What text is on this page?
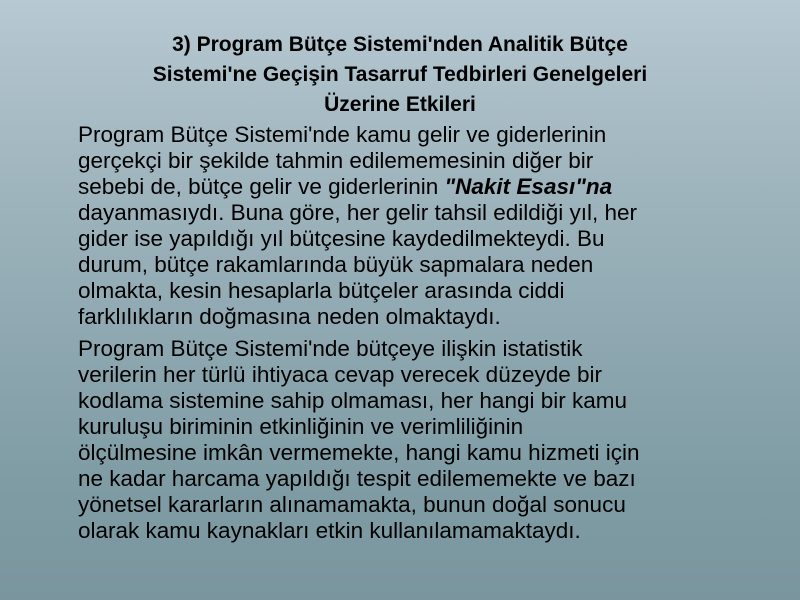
3) Program Bütçe Sistemi'nden Analitik Bütçe
Sistemi'ne Geçişin Tasarruf Tedbirleri Genelgeleri
Üzerine Etkileri

Program Bütçe Sistemi'nde kamu gelir ve giderlerinin
gerçekçi bir şekilde tahmin edilememesinin diğer bir
sebebi de, bütçe gelir ve giderlerinin "Nakit Esası"na
dayanmasıydı. Buna göre, her gelir tahsil edildiği yıl, her
gider ise yapıldığı yıl bütçesine kaydedilmekteydi. Bu
durum, bütçe rakamlarında büyük sapmalara neden
olmakta, kesin hesaplarla bütçeler arasında ciddi
farklılıkların doğmasına neden olmaktaydı.

Program Bütçe Sistemi'nde bütçeye ilişkin istatistik
verilerin her türlü ihtiyaca cevap verecek düzeyde bir
kodlama sistemine sahip olmaması, her hangi bir kamu
kuruluşu biriminin etkinliğinin ve verimliliğinin
ölçülmesine imkân vermemekte, hangi kamu hizmeti için
ne kadar harcama yapıldığı tespit edilememekte ve bazı
yönetsel kararların alınamamakta, bunun doğal sonucu
olarak kamu kaynakları etkin kullanılamamaktaydı.
